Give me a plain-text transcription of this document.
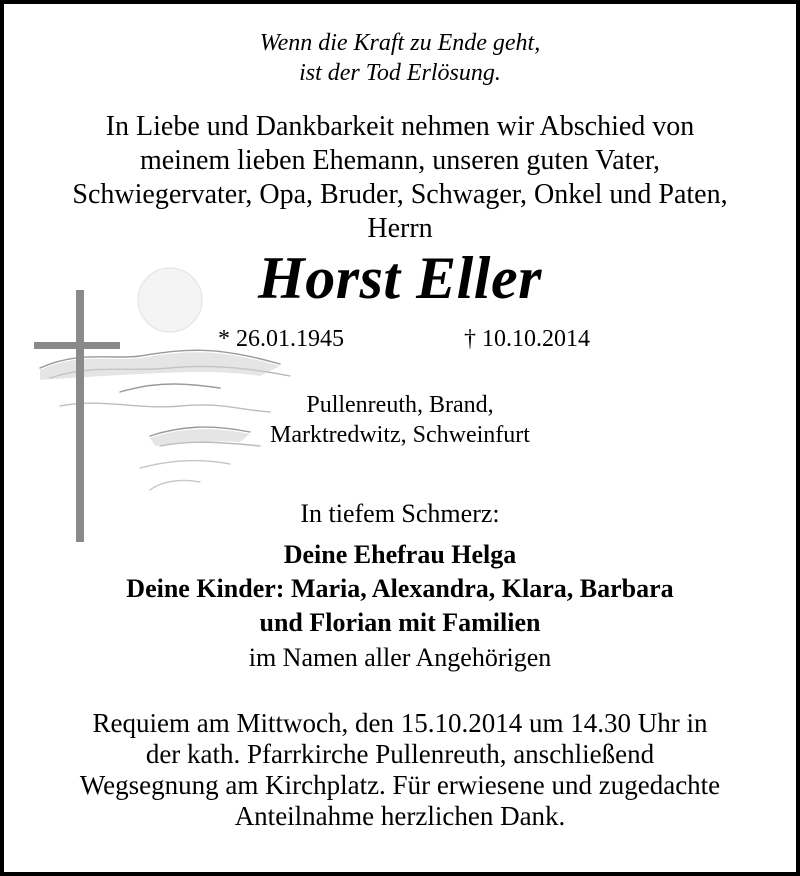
Wenn die Kraft zu Ende geht,
ist der Tod Erlösung.
In Liebe und Dankbarkeit nehmen wir Abschied von
meinem lieben Ehemann, unseren guten Vater,
Schwiegervater, Opa, Bruder, Schwager, Onkel und Paten,
Herrn
Horst Eller
* 26.01.1945	† 10.10.2014
Pullenreuth, Brand,
Marktredwitz, Schweinfurt
In tiefem Schmerz:
Deine Ehefrau Helga
Deine Kinder: Maria, Alexandra, Klara, Barbara
und Florian mit Familien
im Namen aller Angehörigen
Requiem am Mittwoch, den 15.10.2014 um 14.30 Uhr in
der kath. Pfarrkirche Pullenreuth, anschließend
Wegsegnung am Kirchplatz. Für erwiesene und zugedachte
Anteilnahme herzlichen Dank.
